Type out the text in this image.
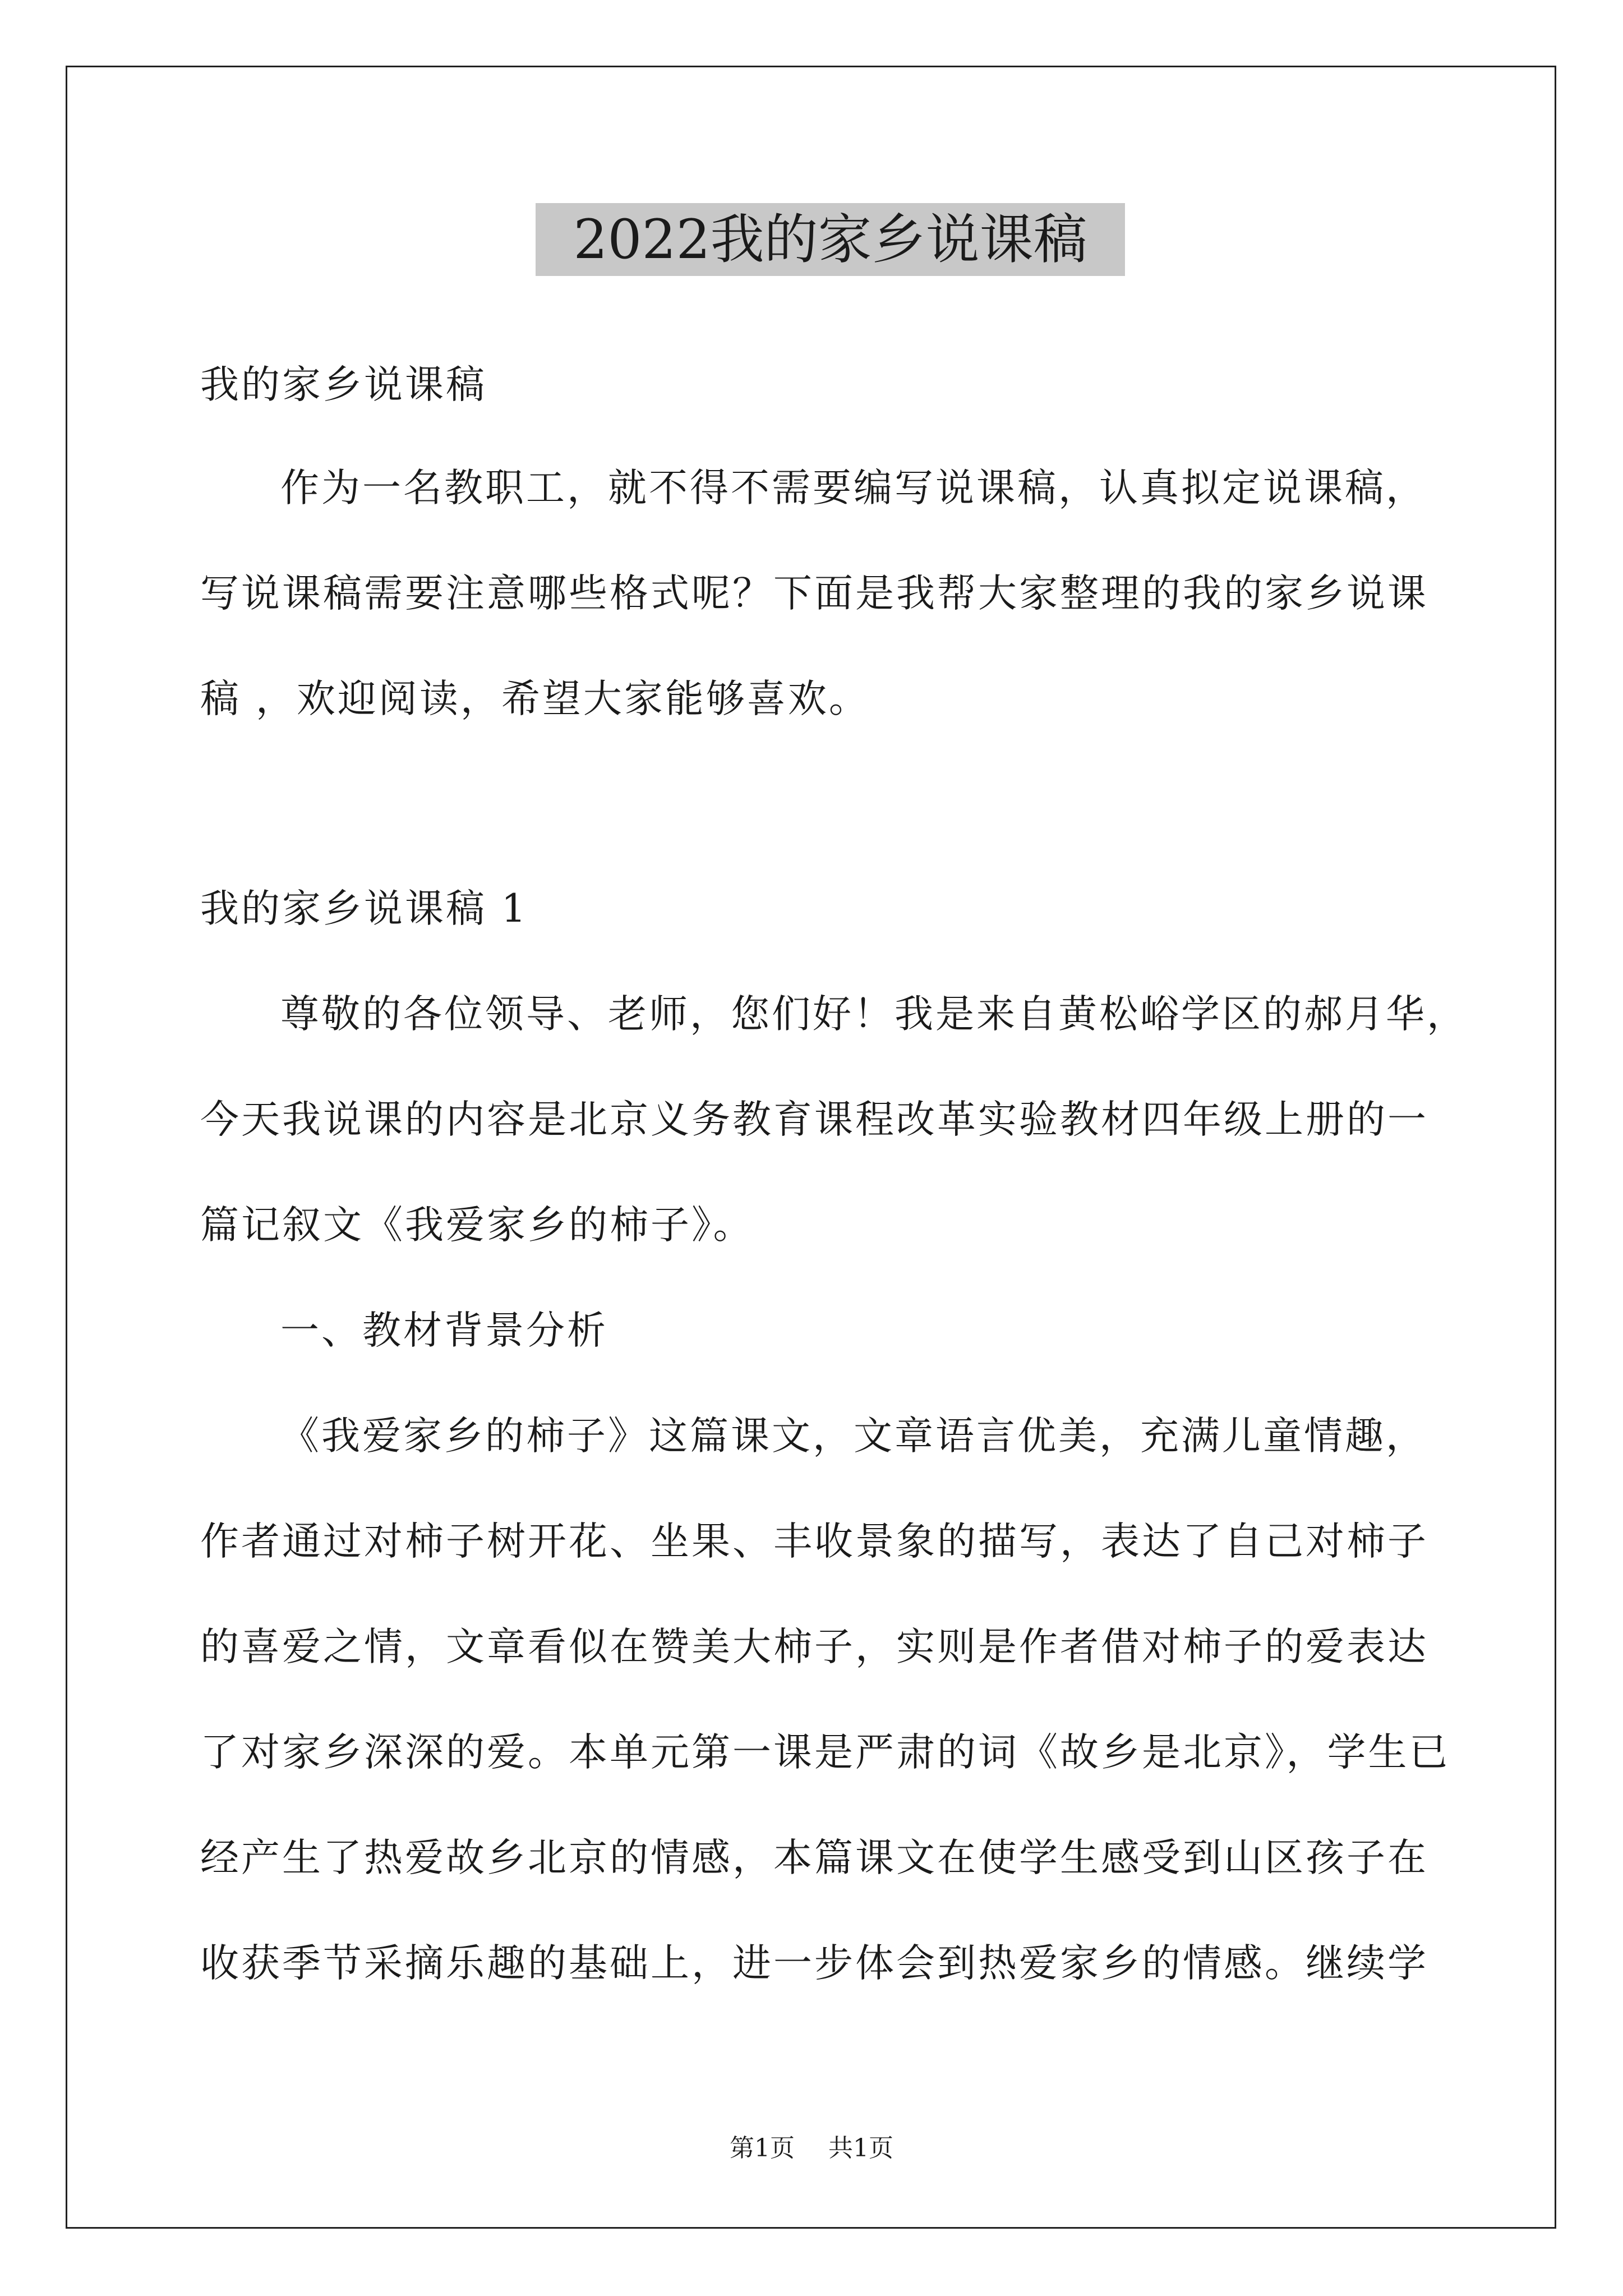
2022我的家乡说课稿
我的家乡说课稿
作为一名教职工，就不得不需要编写说课稿，认真拟定说课稿，
写说课稿需要注意哪些格式呢？下面是我帮大家整理的我的家乡说课
稿 ，欢迎阅读，希望大家能够喜欢。
我的家乡说课稿 1
尊敬的各位领导、老师，您们好！我是来自黄松峪学区的郝月华，
今天我说课的内容是北京义务教育课程改革实验教材四年级上册的一
篇记叙文《我爱家乡的柿子》。
一、教材背景分析
《我爱家乡的柿子》这篇课文，文章语言优美，充满儿童情趣，
作者通过对柿子树开花、坐果、丰收景象的描写，表达了自己对柿子
的喜爱之情，文章看似在赞美大柿子，实则是作者借对柿子的爱表达
了对家乡深深的爱。本单元第一课是严肃的词《故乡是北京》，学生已
经产生了热爱故乡北京的情感，本篇课文在使学生感受到山区孩子在
收获季节采摘乐趣的基础上，进一步体会到热爱家乡的情感。继续学
第1页 共1页
